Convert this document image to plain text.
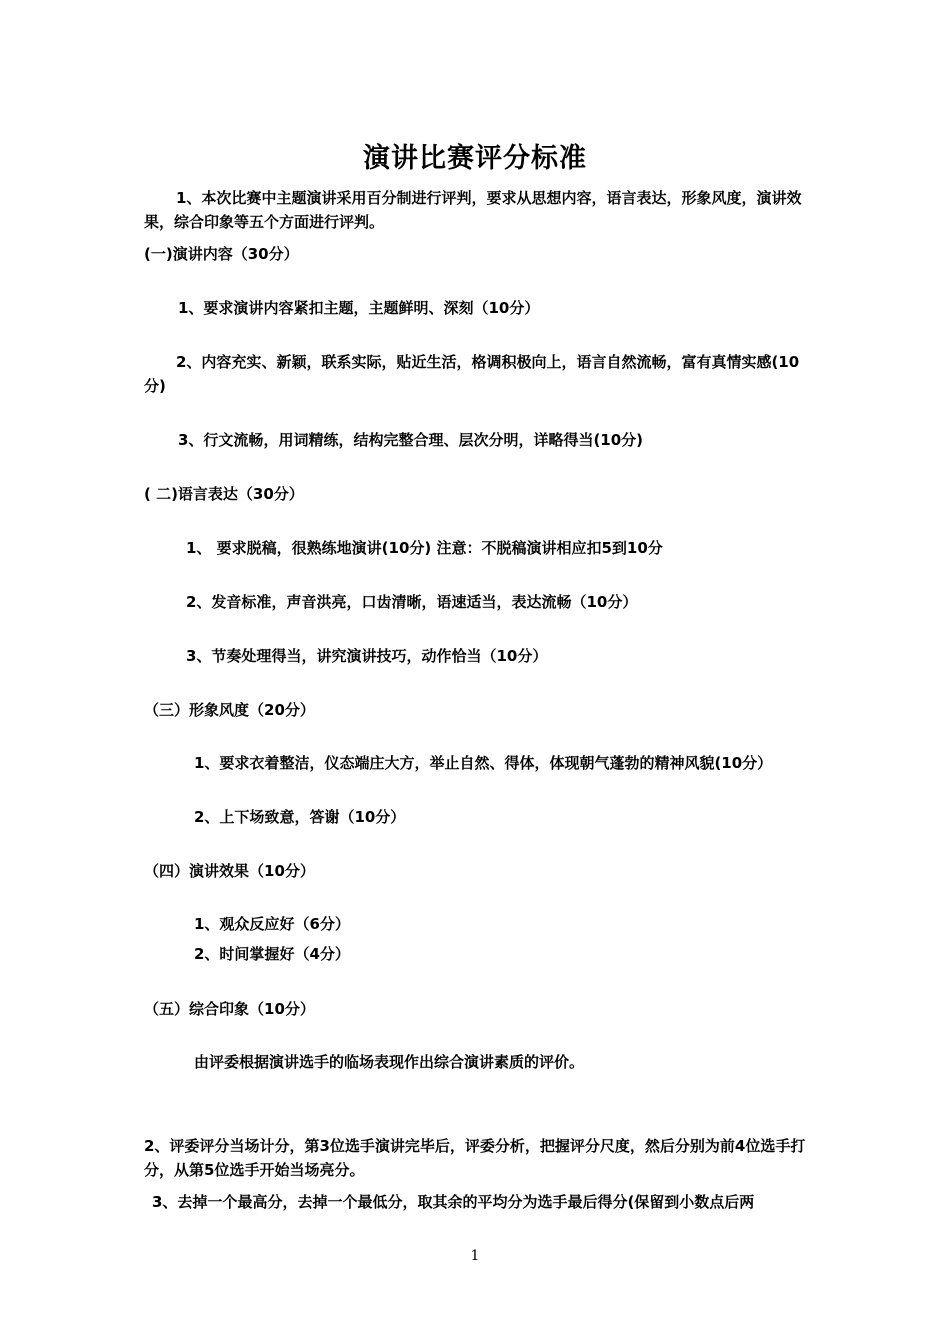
演讲比赛评分标准
1、本次比赛中主题演讲采用百分制进行评判，要求从思想内容，语言表达，形象风度，演讲效果，综合印象等五个方面进行评判。
(一)演讲内容（30分）
1、要求演讲内容紧扣主题，主题鲜明、深刻（10分）
2、内容充实、新颖，联系实际，贴近生活，格调积极向上，语言自然流畅，富有真情实感(10分)
3、行文流畅，用词精练，结构完整合理、层次分明，详略得当(10分)
( 二)语言表达（30分）
1、 要求脱稿，很熟练地演讲(10分) 注意：不脱稿演讲相应扣5到10分
2、发音标准，声音洪亮，口齿清晰，语速适当，表达流畅（10分）
3、节奏处理得当，讲究演讲技巧，动作恰当（10分）
（三）形象风度（20分）
1、要求衣着整洁，仪态端庄大方，举止自然、得体，体现朝气蓬勃的精神风貌(10分）
2、上下场致意，答谢（10分）
（四）演讲效果（10分）
1、观众反应好（6分）
2、时间掌握好（4分）
（五）综合印象（10分）
由评委根据演讲选手的临场表现作出综合演讲素质的评价。
2、评委评分当场计分，第3位选手演讲完毕后，评委分析，把握评分尺度，然后分别为前4位选手打分，从第5位选手开始当场亮分。
3、去掉一个最高分，去掉一个最低分，取其余的平均分为选手最后得分(保留到小数点后两
1
